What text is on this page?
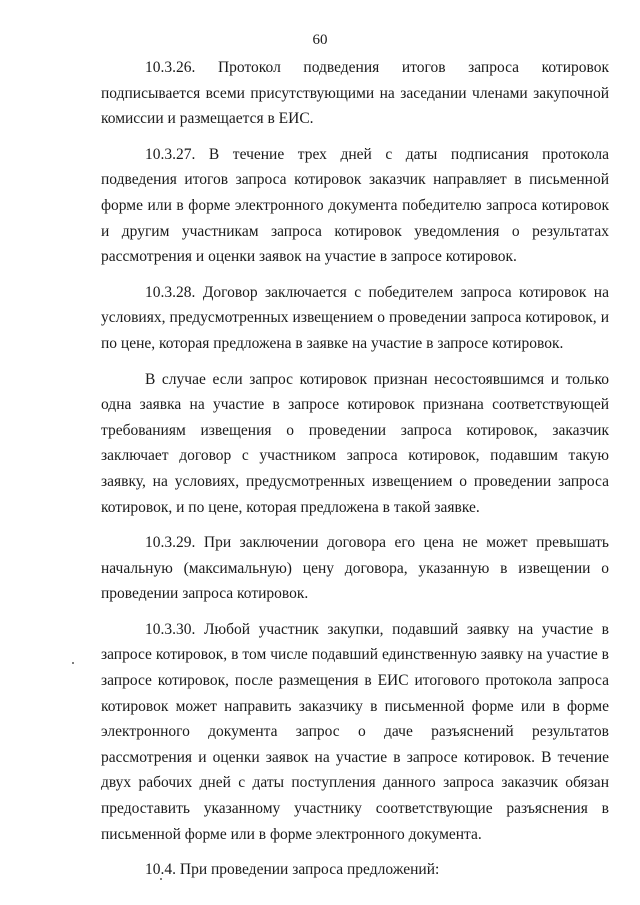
60

10.3.26. Протокол подведения итогов запроса котировок подписывается всеми присутствующими на заседании членами закупочной комиссии и размещается в ЕИС.

10.3.27. В течение трех дней с даты подписания протокола подведения итогов запроса котировок заказчик направляет в письменной форме или в форме электронного документа победителю запроса котировок и другим участникам запроса котировок уведомления о результатах рассмотрения и оценки заявок на участие в запросе котировок.

10.3.28. Договор заключается с победителем запроса котировок на условиях, предусмотренных извещением о проведении запроса котировок, и по цене, которая предложена в заявке на участие в запросе котировок.

В случае если запрос котировок признан несостоявшимся и только одна заявка на участие в запросе котировок признана соответствующей требованиям извещения о проведении запроса котировок, заказчик заключает договор с участником запроса котировок, подавшим такую заявку, на условиях, предусмотренных извещением о проведении запроса котировок, и по цене, которая предложена в такой заявке.

10.3.29. При заключении договора его цена не может превышать начальную (максимальную) цену договора, указанную в извещении о проведении запроса котировок.

10.3.30. Любой участник закупки, подавший заявку на участие в запросе котировок, в том числе подавший единственную заявку на участие в запросе котировок, после размещения в ЕИС итогового протокола запроса котировок может направить заказчику в письменной форме или в форме электронного документа запрос о даче разъяснений результатов рассмотрения и оценки заявок на участие в запросе котировок. В течение двух рабочих дней с даты поступления данного запроса заказчик обязан предоставить указанному участнику соответствующие разъяснения в письменной форме или в форме электронного документа.

10.4. При проведении запроса предложений:
